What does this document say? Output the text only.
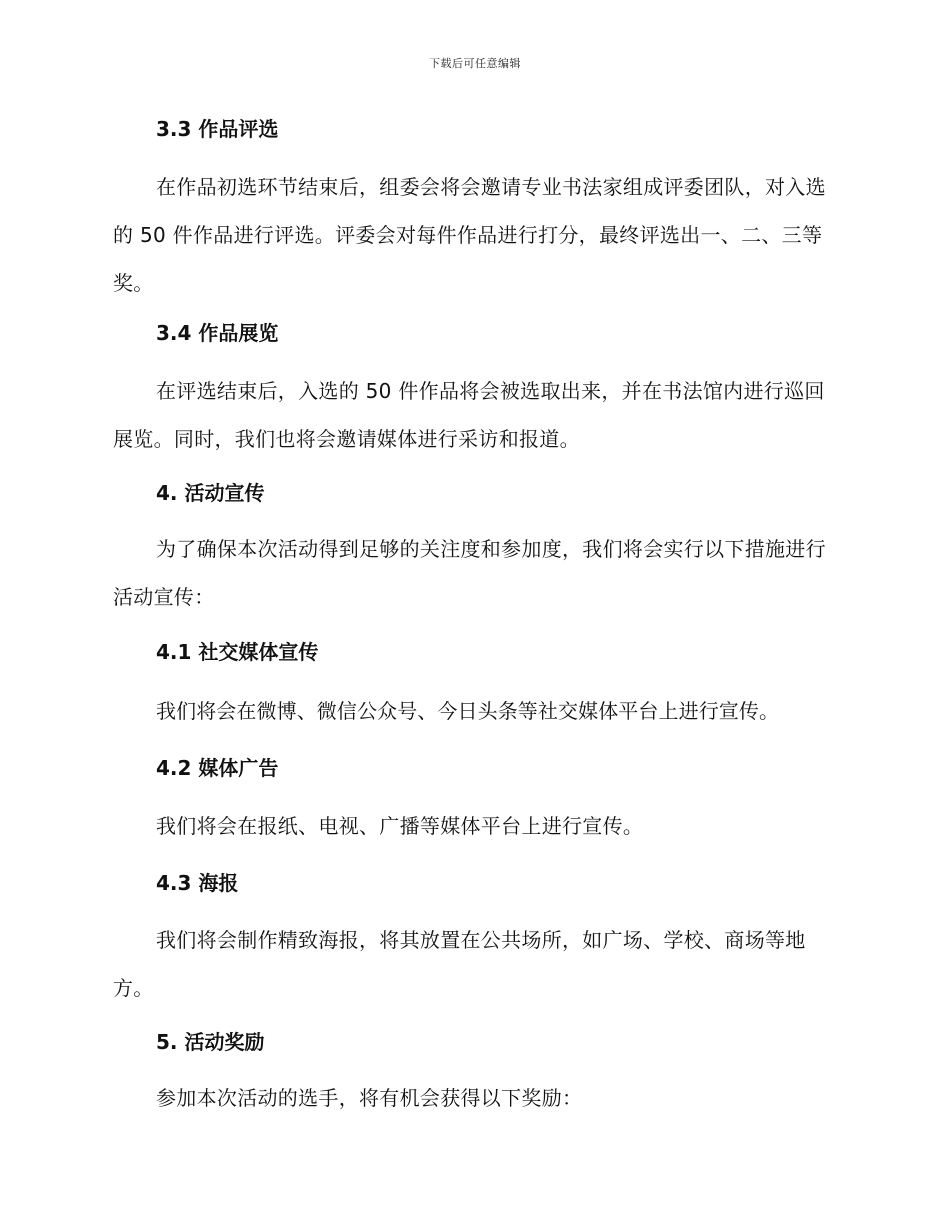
下载后可任意编辑
3.3 作品评选

在作品初选环节结束后，组委会将会邀请专业书法家组成评委团队，对入选的 50 件作品进行评选。评委会对每件作品进行打分，最终评选出一、二、三等奖。

3.4 作品展览

在评选结束后，入选的 50 件作品将会被选取出来，并在书法馆内进行巡回展览。同时，我们也将会邀请媒体进行采访和报道。

4. 活动宣传

为了确保本次活动得到足够的关注度和参加度，我们将会实行以下措施进行活动宣传：

4.1 社交媒体宣传

我们将会在微博、微信公众号、今日头条等社交媒体平台上进行宣传。

4.2 媒体广告

我们将会在报纸、电视、广播等媒体平台上进行宣传。

4.3 海报

我们将会制作精致海报，将其放置在公共场所，如广场、学校、商场等地方。

5. 活动奖励

参加本次活动的选手，将有机会获得以下奖励：
